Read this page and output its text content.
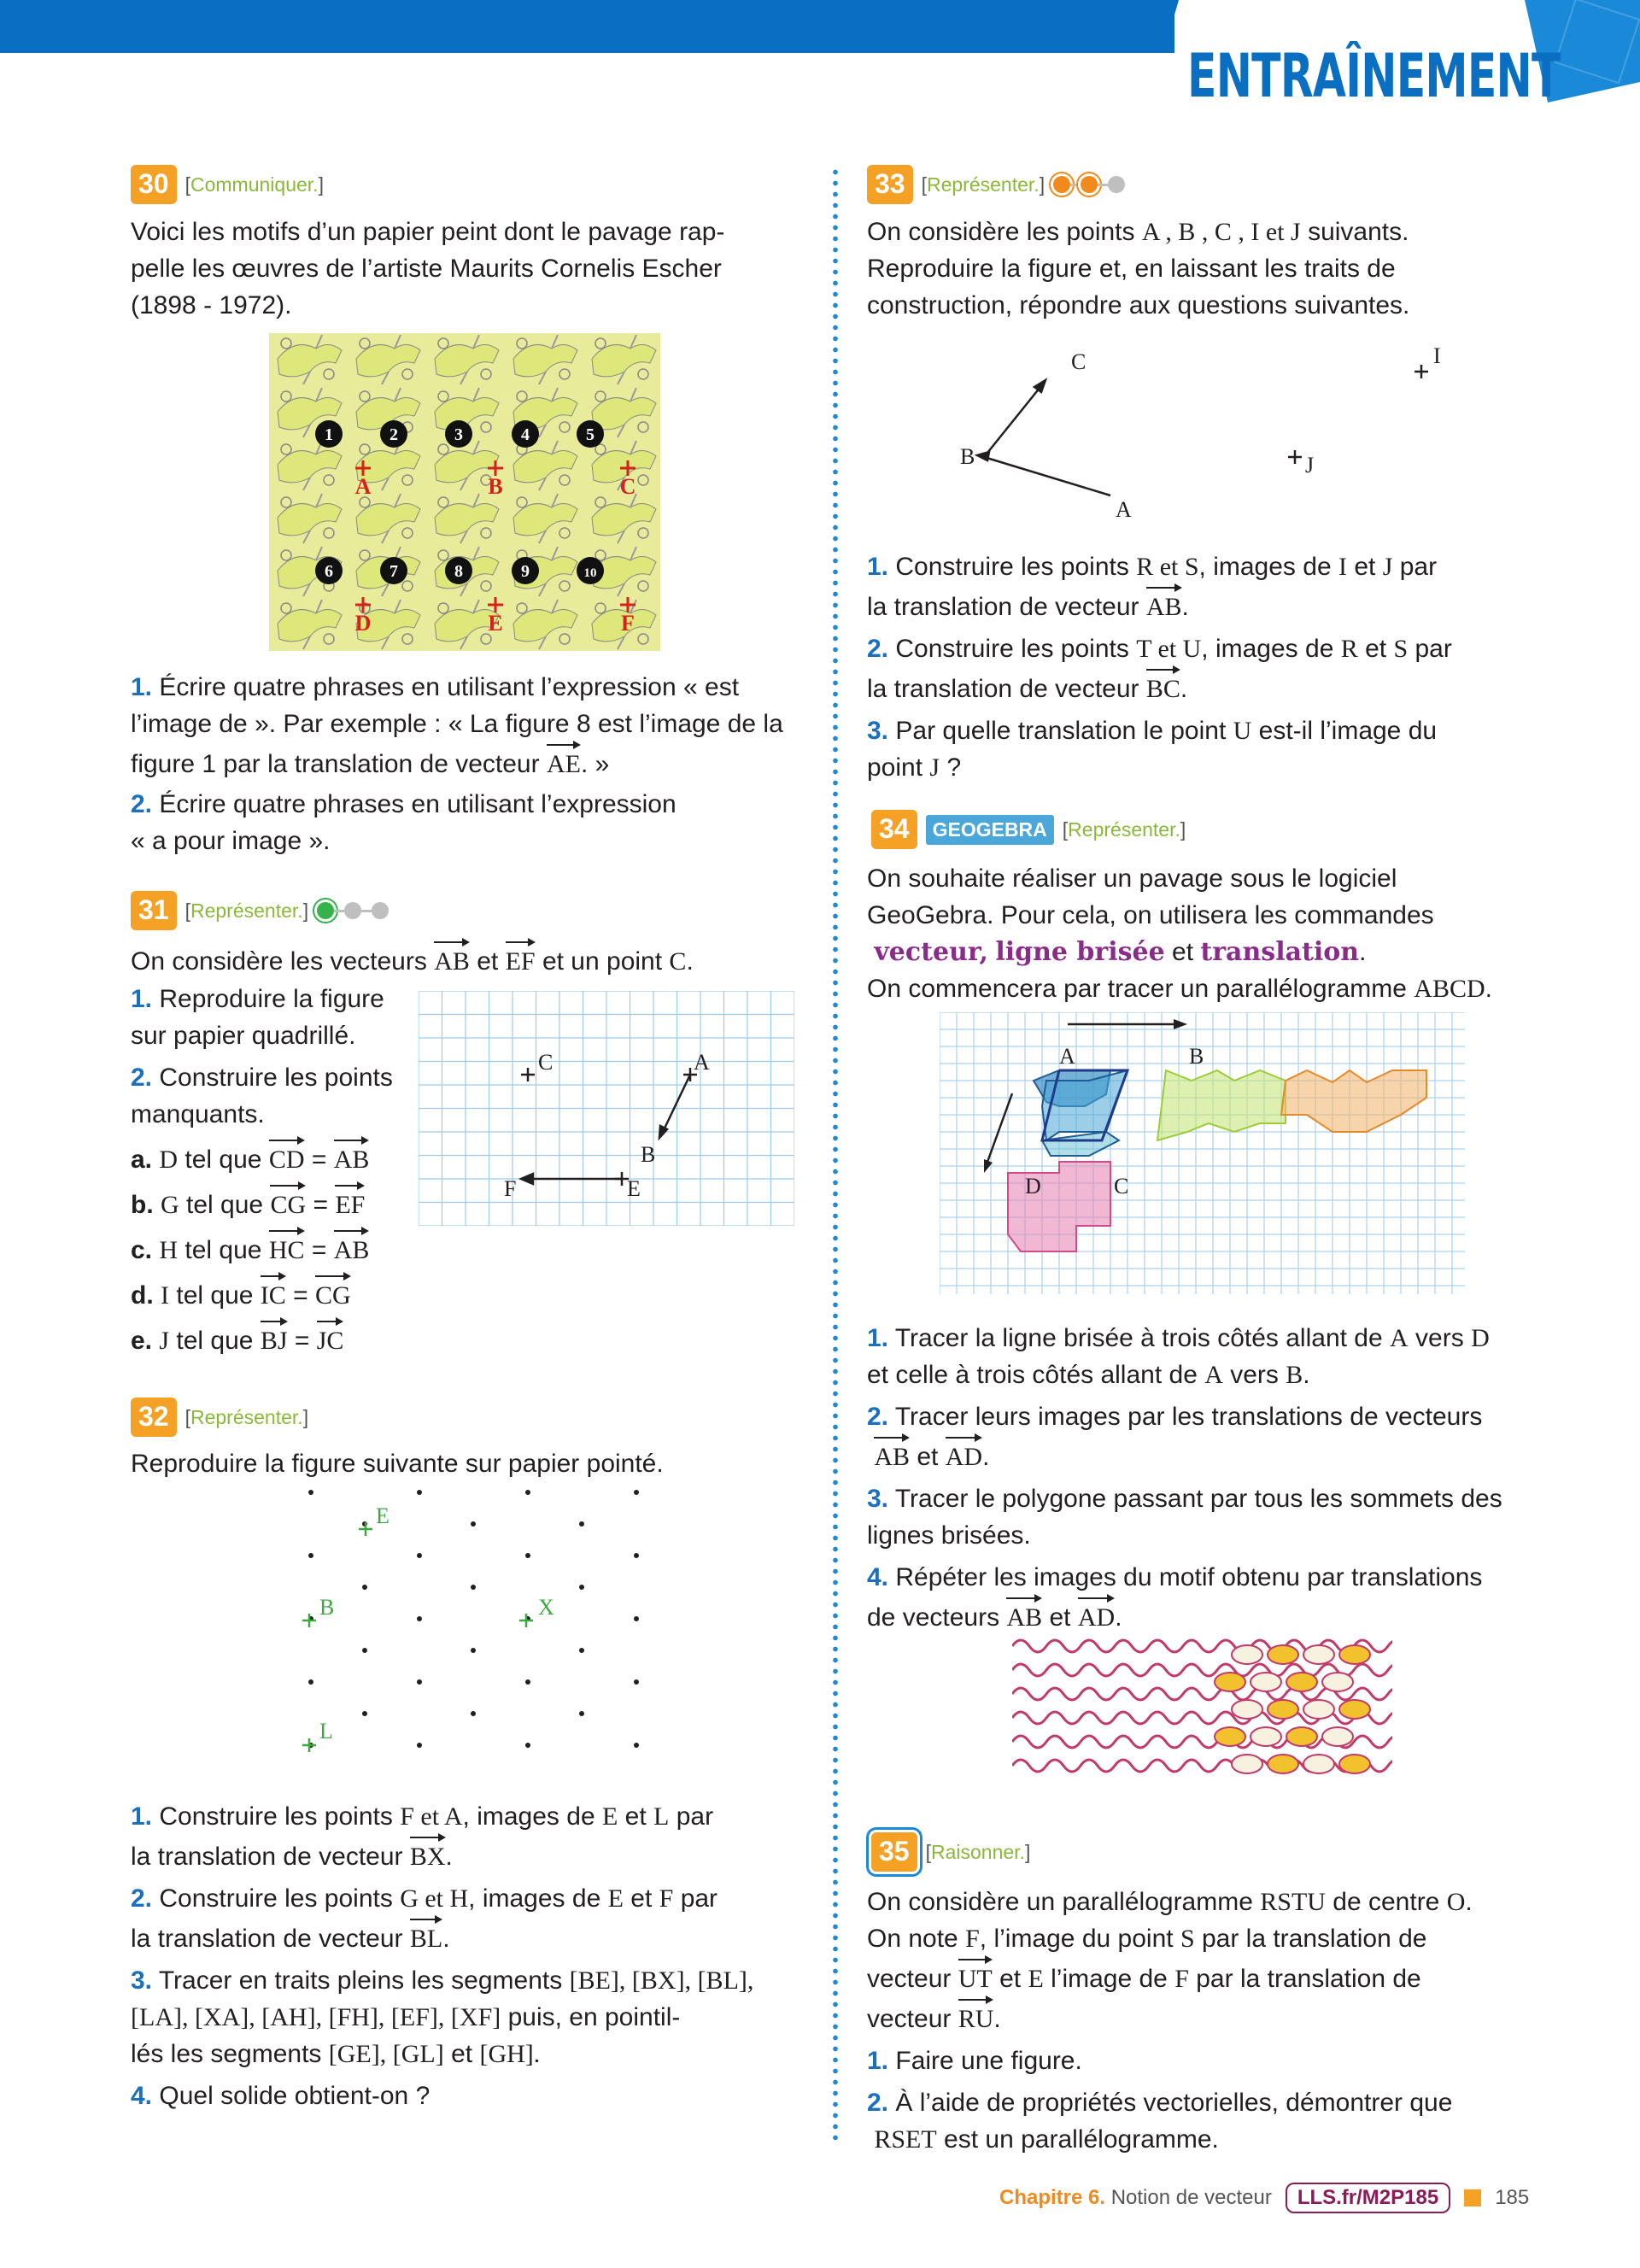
ENTRAÎNEMENT
30 [Communiquer.]
Voici les motifs d’un papier peint dont le pavage rap-
pelle les œuvres de l’artiste Maurits Cornelis Escher
(1898 - 1972).
1	2	3	4	5
6	7	8	9	10
A	B	C
D	E	F
1. Écrire quatre phrases en utilisant l’expression « est
l’image de ». Par exemple : « La figure 8 est l’image de la
figure 1 par la translation de vecteur AE. »
2. Écrire quatre phrases en utilisant l’expression
« a pour image ».
31 [Représenter.]
On considère les vecteurs AB et EF et un point C.
1. Reproduire la figure
sur papier quadrillé.
2. Construire les points
manquants.
a. D tel que CD = AB
b. G tel que CG = EF
c. H tel que HC = AB
d. I tel que IC = CG
e. J tel que BJ = JC
C	A
B
F	E
32 [Représenter.]
Reproduire la figure suivante sur papier pointé.
E
B	X
L
1. Construire les points F et A, images de E et L par
la translation de vecteur BX.
2. Construire les points G et H, images de E et F par
la translation de vecteur BL.
3. Tracer en traits pleins les segments [BE], [BX], [BL],
[LA], [XA], [AH], [FH], [EF], [XF] puis, en pointil-
lés les segments [GE], [GL] et [GH].
4. Quel solide obtient-on ?
33 [Représenter.]
On considère les points A , B , C , I et J suivants.
Reproduire la figure et, en laissant les traits de
construction, répondre aux questions suivantes.
C	I
B	J
A
1. Construire les points R et S, images de I et J par
la translation de vecteur AB.
2. Construire les points T et U, images de R et S par
la translation de vecteur BC.
3. Par quelle translation le point U est-il l’image du
point J ?
34	GEOGEBRA [Représenter.]
On souhaite réaliser un pavage sous le logiciel
GeoGebra. Pour cela, on utilisera les commandes
vecteur, ligne brisée et translation.
On commencera par tracer un parallélogramme ABCD.
A	B
C
D
1. Tracer la ligne brisée à trois côtés allant de A vers D
et celle à trois côtés allant de A vers B.
2. Tracer leurs images par les translations de vecteurs
AB et AD.
3. Tracer le polygone passant par tous les sommets des
lignes brisées.
4. Répéter les images du motif obtenu par translations
de vecteurs AB et AD.
35 [Raisonner.]
On considère un parallélogramme RSTU de centre O.
On note F, l’image du point S par la translation de
vecteur UT et E l’image de F par la translation de
vecteur RU.
1. Faire une figure.
2. À l’aide de propriétés vectorielles, démontrer que
RSET est un parallélogramme.
Chapitre 6. Notion de vecteur	LLS.fr/M2P185	185
